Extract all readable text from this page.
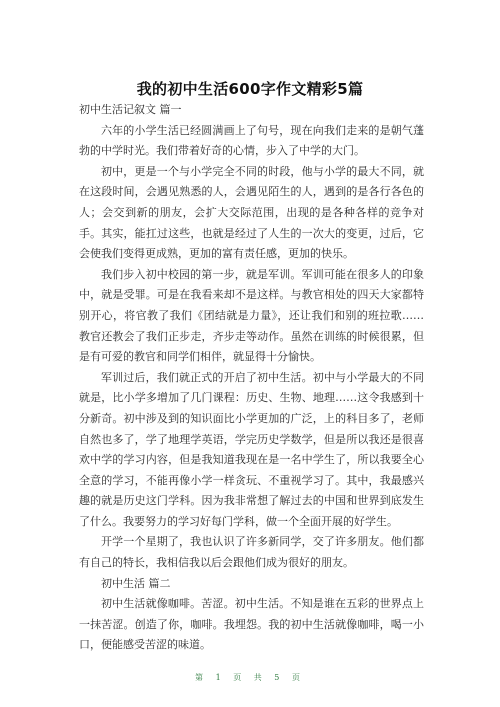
我的初中生活600字作文精彩5篇

初中生活记叙文 篇一

六年的小学生活已经圆满画上了句号，现在向我们走来的是朝气蓬勃的中学时光。我们带着好奇的心情，步入了中学的大门。

初中，更是一个与小学完全不同的时段，他与小学的最大不同，就在这段时间，会遇见熟悉的人，会遇见陌生的人，遇到的是各行各色的人；会交到新的朋友，会扩大交际范围，出现的是各种各样的竞争对手。其实，能扛过这些，也就是经过了人生的一次大的变更，过后，它会使我们变得更成熟，更加的富有责任感，更加的快乐。

我们步入初中校园的第一步，就是军训。军训可能在很多人的印象中，就是受罪。可是在我看来却不是这样。与教官相处的四天大家都特别开心，将官教了我们《团结就是力量》，还让我们和别的班拉歌……教官还教会了我们正步走，齐步走等动作。虽然在训练的时候很累，但是有可爱的教官和同学们相伴，就显得十分愉快。

军训过后，我们就正式的开启了初中生活。初中与小学最大的不同就是，比小学多增加了几门课程：历史、生物、地理……这令我感到十分新奇。初中涉及到的知识面比小学更加的广泛，上的科目多了，老师自然也多了，学了地理学英语，学完历史学数学，但是所以我还是很喜欢中学的学习内容，但是我知道我现在是一名中学生了，所以我要全心全意的学习，不能再像小学一样贪玩、不重视学习了。其中，我最感兴趣的就是历史这门学科。因为我非常想了解过去的中国和世界到底发生了什么。我要努力的学习好每门学科，做一个全面开展的好学生。

开学一个星期了，我也认识了许多新同学，交了许多朋友。他们都有自己的特长，我相信我以后会跟他们成为很好的朋友。

初中生活 篇二

初中生活就像咖啡。苦涩。初中生活。不知是谁在五彩的世界点上一抹苦涩。创造了你，咖啡。我埋怨。我的初中生活就像咖啡，喝一小口，便能感受苦涩的味道。

第 1 页 共 5 页
